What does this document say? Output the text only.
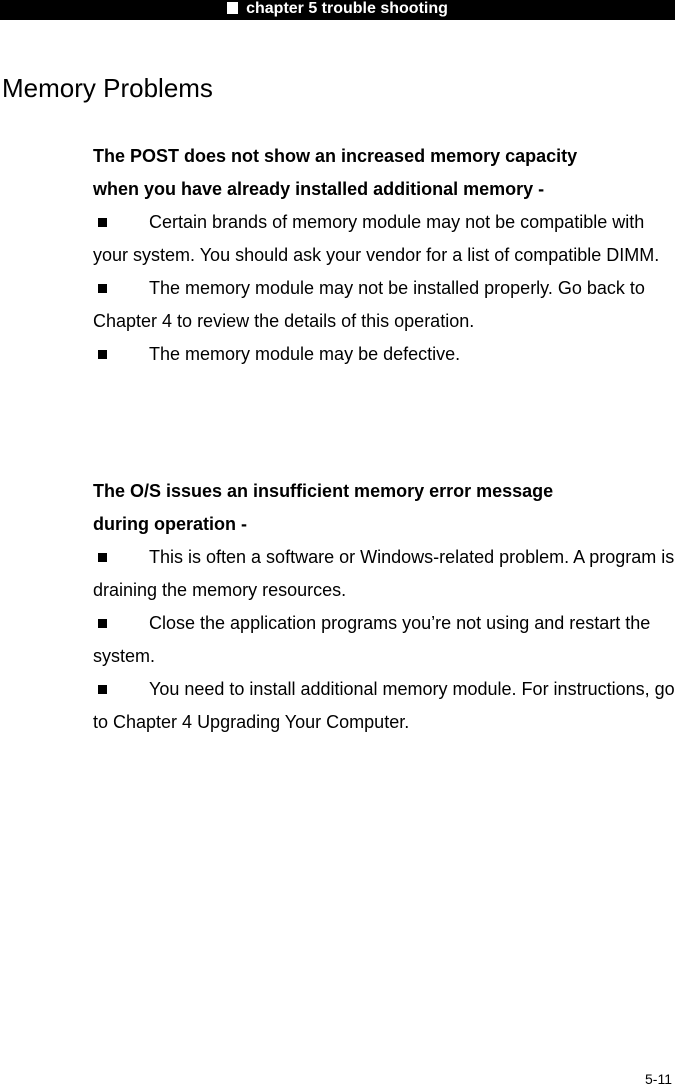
chapter 5 trouble shooting
Memory Problems

The POST does not show an increased memory capacity
when you have already installed additional memory -

Certain brands of memory module may not be compatible with your system. You should ask your vendor for a list of compatible DIMM.

The memory module may not be installed properly. Go back to Chapter 4 to review the details of this operation.

The memory module may be defective.

The O/S issues an insufficient memory error message
during operation -

This is often a software or Windows-related problem. A program is draining the memory resources.

Close the application programs you’re not using and restart the system.

You need to install additional memory module. For instructions, go to Chapter 4 Upgrading Your Computer.

5-11
